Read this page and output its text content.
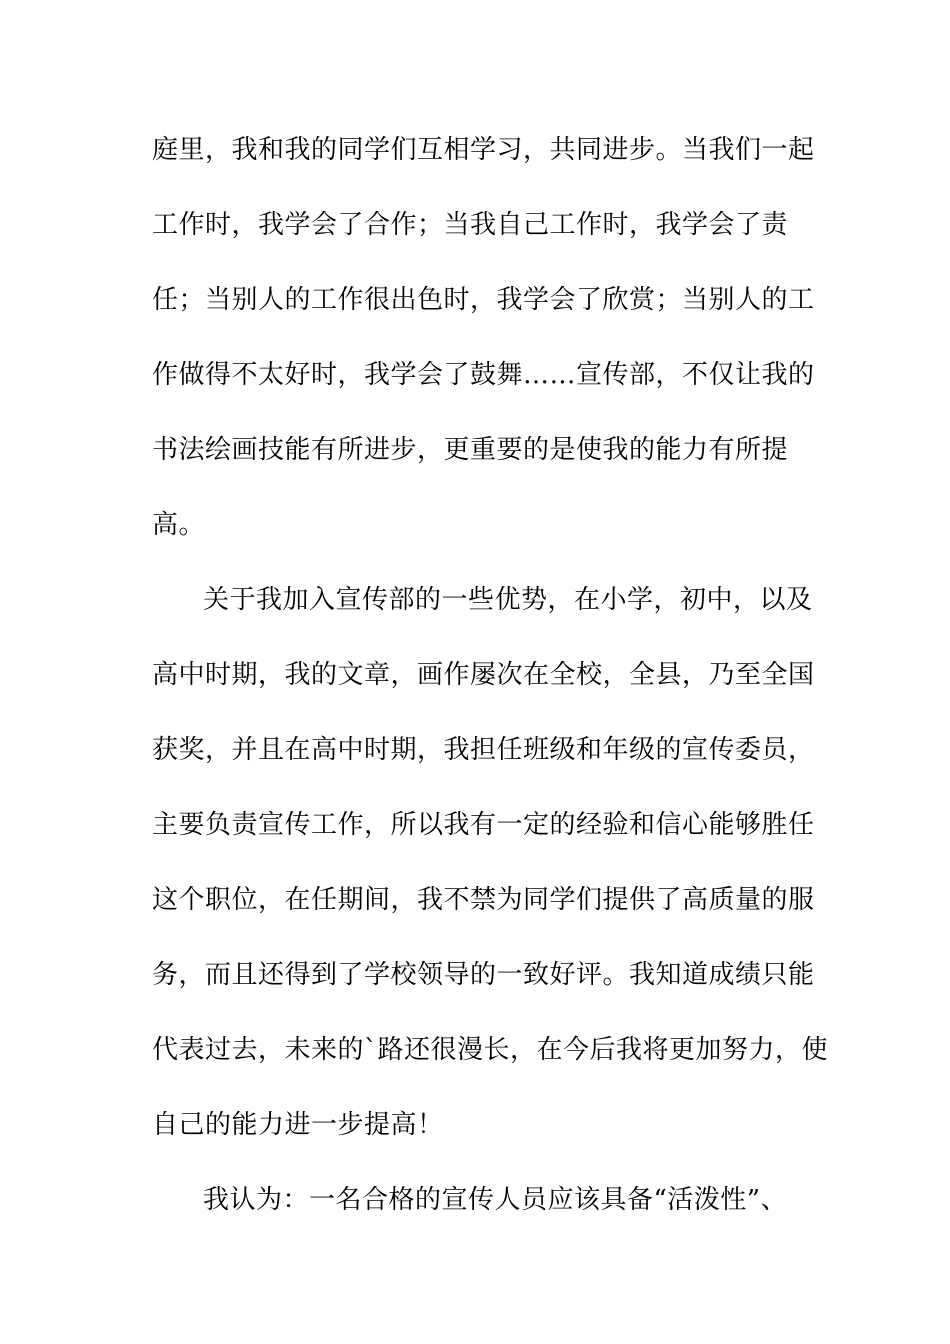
庭里，我和我的同学们互相学习，共同进步。当我们一起
工作时，我学会了合作；当我自己工作时，我学会了责
任；当别人的工作很出色时，我学会了欣赏；当别人的工
作做得不太好时，我学会了鼓舞……宣传部，不仅让我的
书法绘画技能有所进步，更重要的是使我的能力有所提
高。
关于我加入宣传部的一些优势，在小学，初中，以及
高中时期，我的文章，画作屡次在全校，全县，乃至全国
获奖，并且在高中时期，我担任班级和年级的宣传委员，
主要负责宣传工作，所以我有一定的经验和信心能够胜任
这个职位，在任期间，我不禁为同学们提供了高质量的服
务，而且还得到了学校领导的一致好评。我知道成绩只能
代表过去，未来的`路还很漫长，在今后我将更加努力，使
自己的能力进一步提高！
我认为：一名合格的宣传人员应该具备“活泼性”、
